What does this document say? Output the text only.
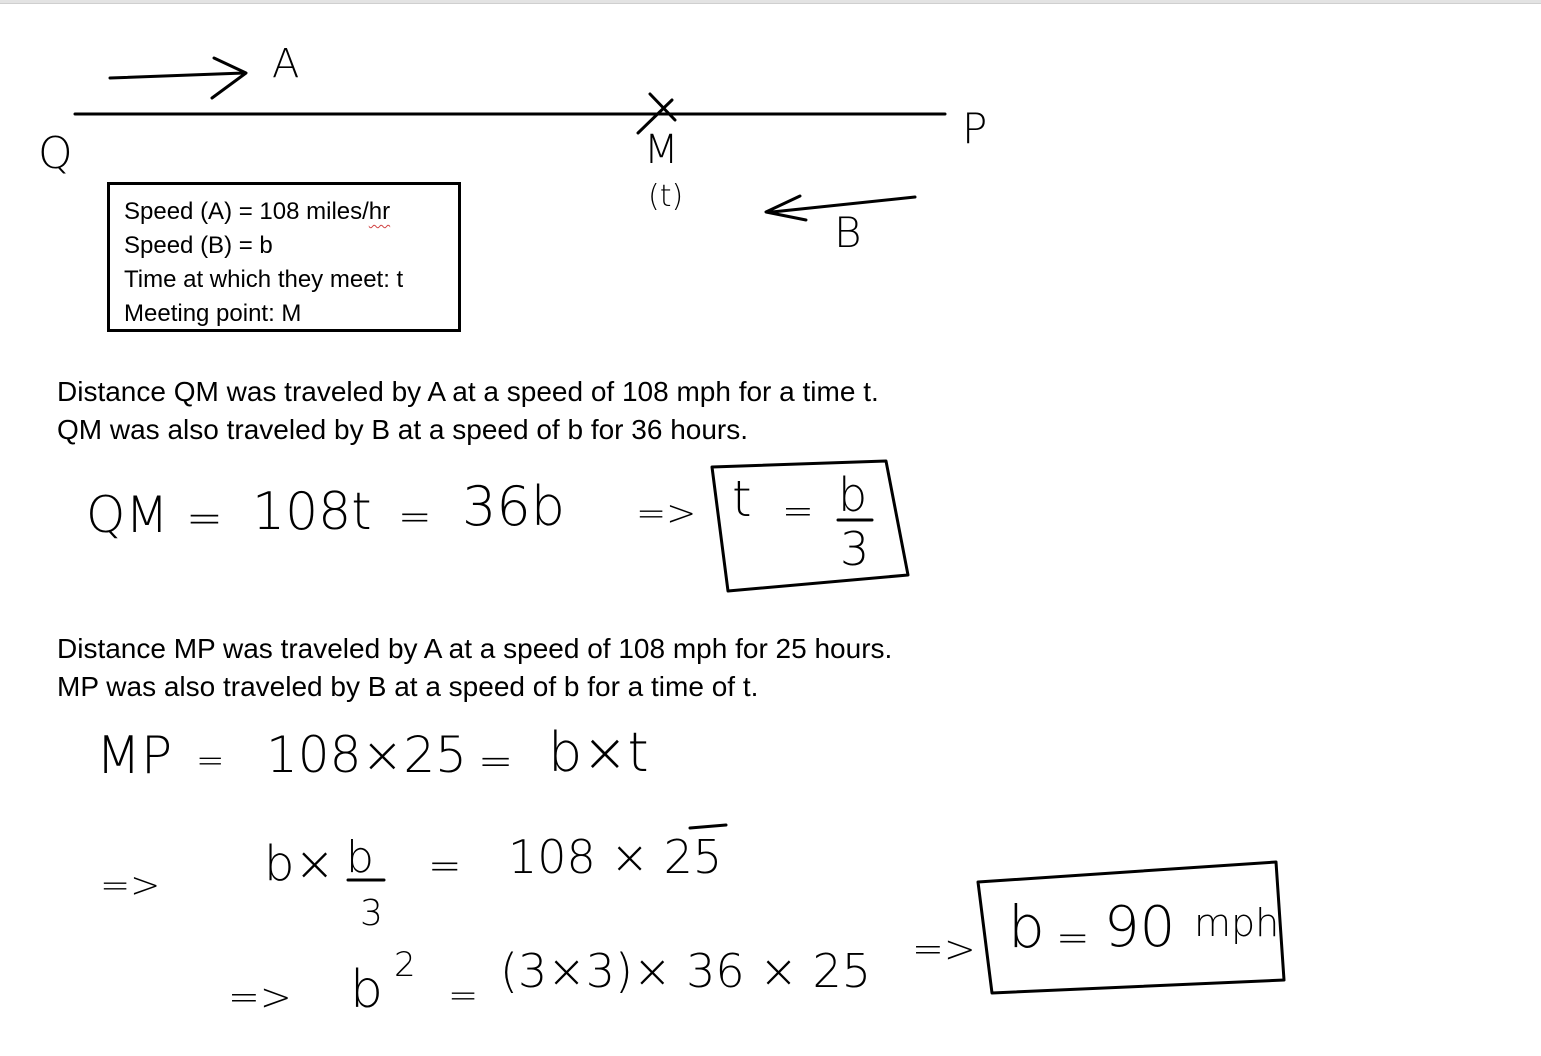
Q
A
P
M
(t)
B
Speed (A) = 108 miles/hr
Speed (B) = b
Time at which they meet: t
Meeting point: M
Distance QM was traveled by A at a speed of 108 mph for a time t.
QM was also traveled by B at a speed of b for 36 hours.
QM = 108t = 36b => t = b
3
Distance MP was traveled by A at a speed of 108 mph for 25 hours.
MP was also traveled by B at a speed of b for a time of t.
MP = 108×25 = b×t
=> b× b
3
= 108 × 25
=> b 2
= (3×3)× 36 × 25 => b = 90 mph
